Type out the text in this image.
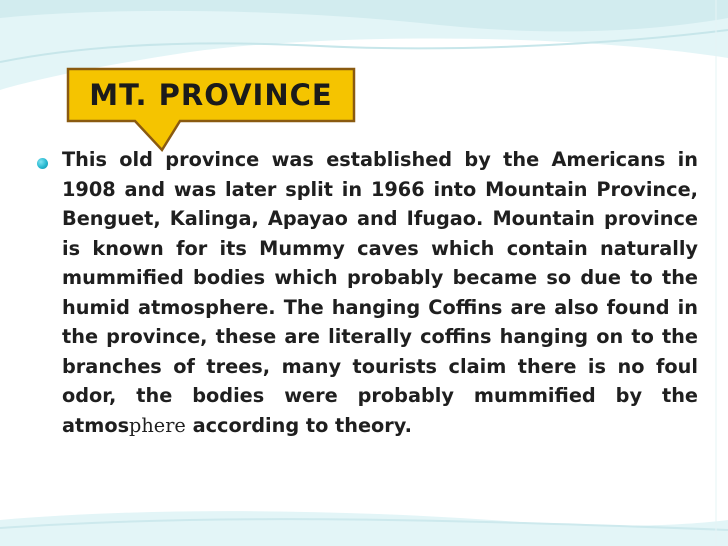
MT. PROVINCE

This old province was established by the Americans in 1908 and was later split in 1966 into Mountain Province, Benguet, Kalinga, Apayao and Ifugao. Mountain province is known for its Mummy caves which contain naturally mummified bodies which probably became so due to the humid atmosphere. The hanging Coffins are also found in the province, these are literally coffins hanging on to the branches of trees, many tourists claim there is no foul odor, the bodies were probably mummified by the atmosphere according to theory.
